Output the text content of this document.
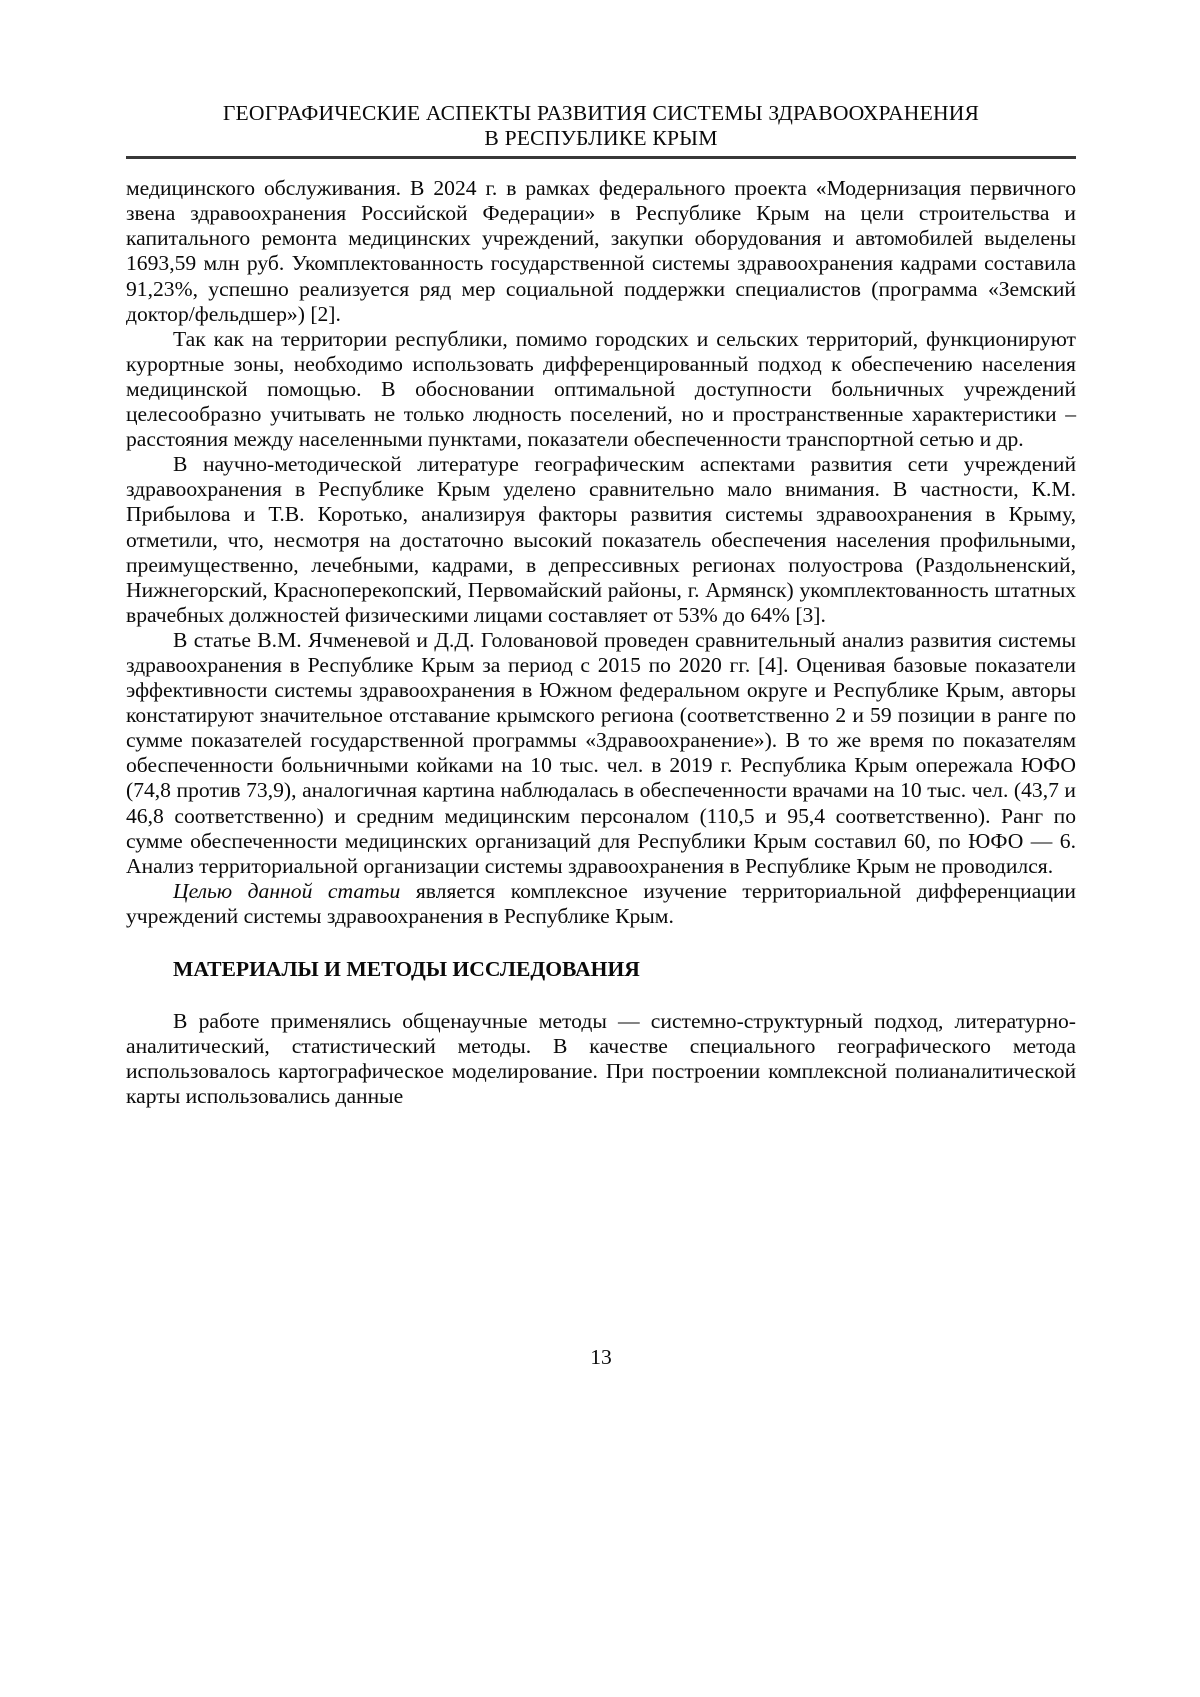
ГЕОГРАФИЧЕСКИЕ АСПЕКТЫ РАЗВИТИЯ СИСТЕМЫ ЗДРАВООХРАНЕНИЯ
В РЕСПУБЛИКЕ КРЫМ

медицинского обслуживания. В 2024 г. в рамках федерального проекта «Модернизация первичного звена здравоохранения Российской Федерации» в Республике Крым на цели строительства и капитального ремонта медицинских учреждений, закупки оборудования и автомобилей выделены 1693,59 млн руб. Укомплектованность государственной системы здравоохранения кадрами составила 91,23%, успешно реализуется ряд мер социальной поддержки специалистов (программа «Земский доктор/фельдшер») [2].

Так как на территории республики, помимо городских и сельских территорий, функционируют курортные зоны, необходимо использовать дифференцированный подход к обеспечению населения медицинской помощью. В обосновании оптимальной доступности больничных учреждений целесообразно учитывать не только людность поселений, но и пространственные характеристики – расстояния между населенными пунктами, показатели обеспеченности транспортной сетью и др.

В научно-методической литературе географическим аспектами развития сети учреждений здравоохранения в Республике Крым уделено сравнительно мало внимания. В частности, К.М. Прибылова и Т.В. Коротько, анализируя факторы развития системы здравоохранения в Крыму, отметили, что, несмотря на достаточно высокий показатель обеспечения населения профильными, преимущественно, лечебными, кадрами, в депрессивных регионах полуострова (Раздольненский, Нижнегорский, Красноперекопский, Первомайский районы, г. Армянск) укомплектованность штатных врачебных должностей физическими лицами составляет от 53% до 64% [3].

В статье В.М. Ячменевой и Д.Д. Головановой проведен сравнительный анализ развития системы здравоохранения в Республике Крым за период с 2015 по 2020 гг. [4]. Оценивая базовые показатели эффективности системы здравоохранения в Южном федеральном округе и Республике Крым, авторы констатируют значительное отставание крымского региона (соответственно 2 и 59 позиции в ранге по сумме показателей государственной программы «Здравоохранение»). В то же время по показателям обеспеченности больничными койками на 10 тыс. чел. в 2019 г. Республика Крым опережала ЮФО (74,8 против 73,9), аналогичная картина наблюдалась в обеспеченности врачами на 10 тыс. чел. (43,7 и 46,8 соответственно) и средним медицинским персоналом (110,5 и 95,4 соответственно). Ранг по сумме обеспеченности медицинских организаций для Республики Крым составил 60, по ЮФО — 6. Анализ территориальной организации системы здравоохранения в Республике Крым не проводился.

Целью данной статьи является комплексное изучение территориальной дифференциации учреждений системы здравоохранения в Республике Крым.

МАТЕРИАЛЫ И МЕТОДЫ ИССЛЕДОВАНИЯ

В работе применялись общенаучные методы — системно-структурный подход, литературно-аналитический, статистический методы. В качестве специального географического метода использовалось картографическое моделирование. При построении комплексной полианалитической карты использовались данные

13
